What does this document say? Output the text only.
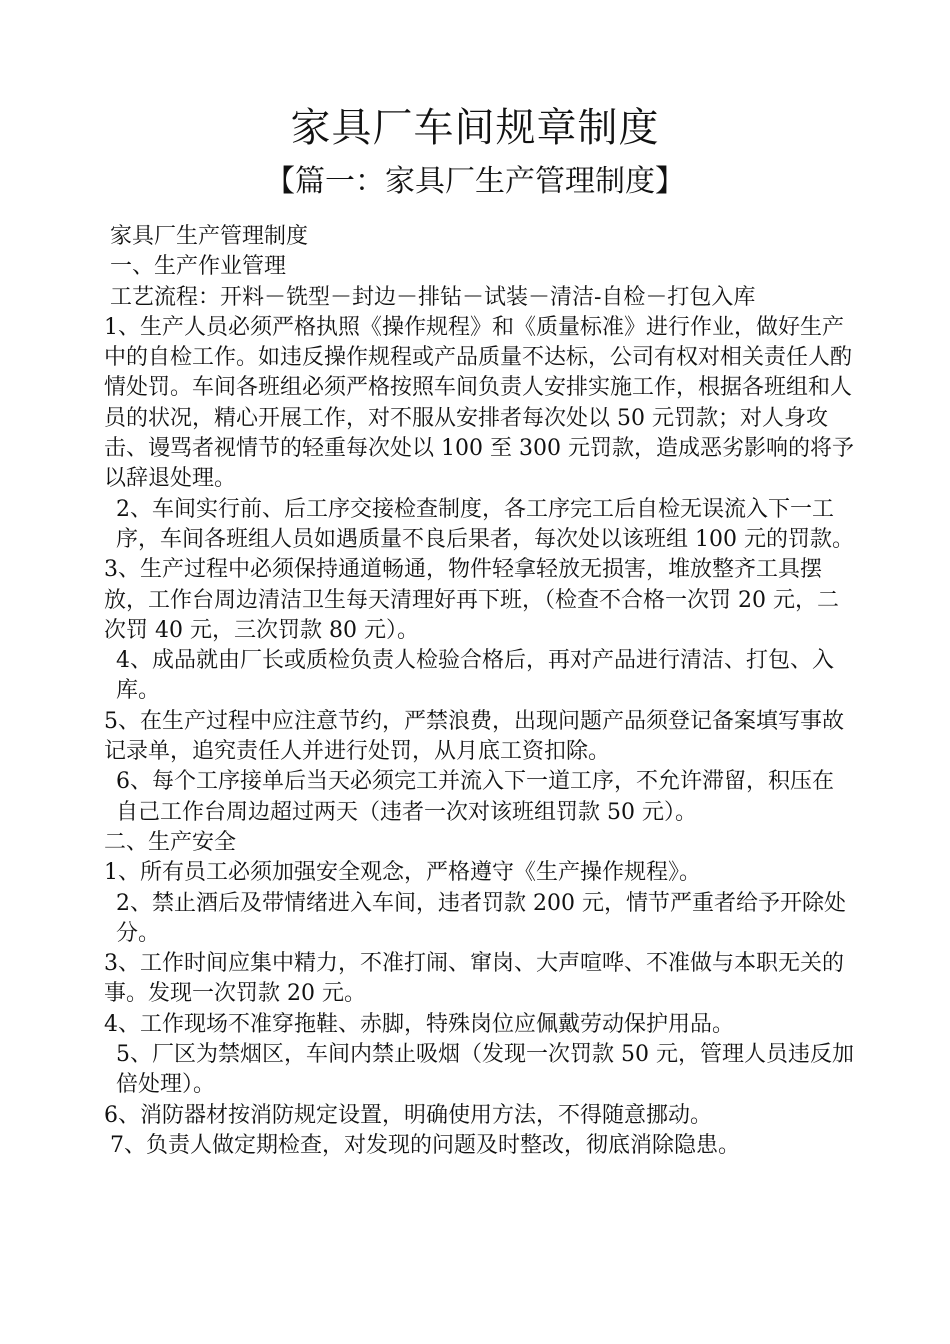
家具厂车间规章制度
【篇一：家具厂生产管理制度】

家具厂生产管理制度

一、生产作业管理

工艺流程：开料－铣型－封边－排钻－试装－清洁-自检－打包入库

1、生产人员必须严格执照《操作规程》和《质量标准》进行作业，做好生产中的自检工作。如违反操作规程或产品质量不达标，公司有权对相关责任人酌情处罚。车间各班组必须严格按照车间负责人安排实施工作，根据各班组和人员的状况，精心开展工作，对不服从安排者每次处以 50 元罚款；对人身攻击、谩骂者视情节的轻重每次处以 100 至 300 元罚款，造成恶劣影响的将予以辞退处理。

2、车间实行前、后工序交接检查制度，各工序完工后自检无误流入下一工序，车间各班组人员如遇质量不良后果者，每次处以该班组 100 元的罚款。

3、生产过程中必须保持通道畅通，物件轻拿轻放无损害，堆放整齐工具摆放，工作台周边清洁卫生每天清理好再下班，（检查不合格一次罚 20 元，二次罚 40 元，三次罚款 80 元）。

4、成品就由厂长或质检负责人检验合格后，再对产品进行清洁、打包、入库。

5、在生产过程中应注意节约，严禁浪费，出现问题产品须登记备案填写事故记录单，追究责任人并进行处罚，从月底工资扣除。

6、每个工序接单后当天必须完工并流入下一道工序，不允许滞留，积压在自己工作台周边超过两天（违者一次对该班组罚款 50 元）。

二、生产安全

1、所有员工必须加强安全观念，严格遵守《生产操作规程》。

2、禁止酒后及带情绪进入车间，违者罚款 200 元，情节严重者给予开除处分。

3、工作时间应集中精力，不准打闹、窜岗、大声喧哗、不准做与本职无关的事。发现一次罚款 20 元。

4、工作现场不准穿拖鞋、赤脚，特殊岗位应佩戴劳动保护用品。

5、厂区为禁烟区，车间内禁止吸烟（发现一次罚款 50 元，管理人员违反加倍处理）。

6、消防器材按消防规定设置，明确使用方法，不得随意挪动。

7、负责人做定期检查，对发现的问题及时整改，彻底消除隐患。
